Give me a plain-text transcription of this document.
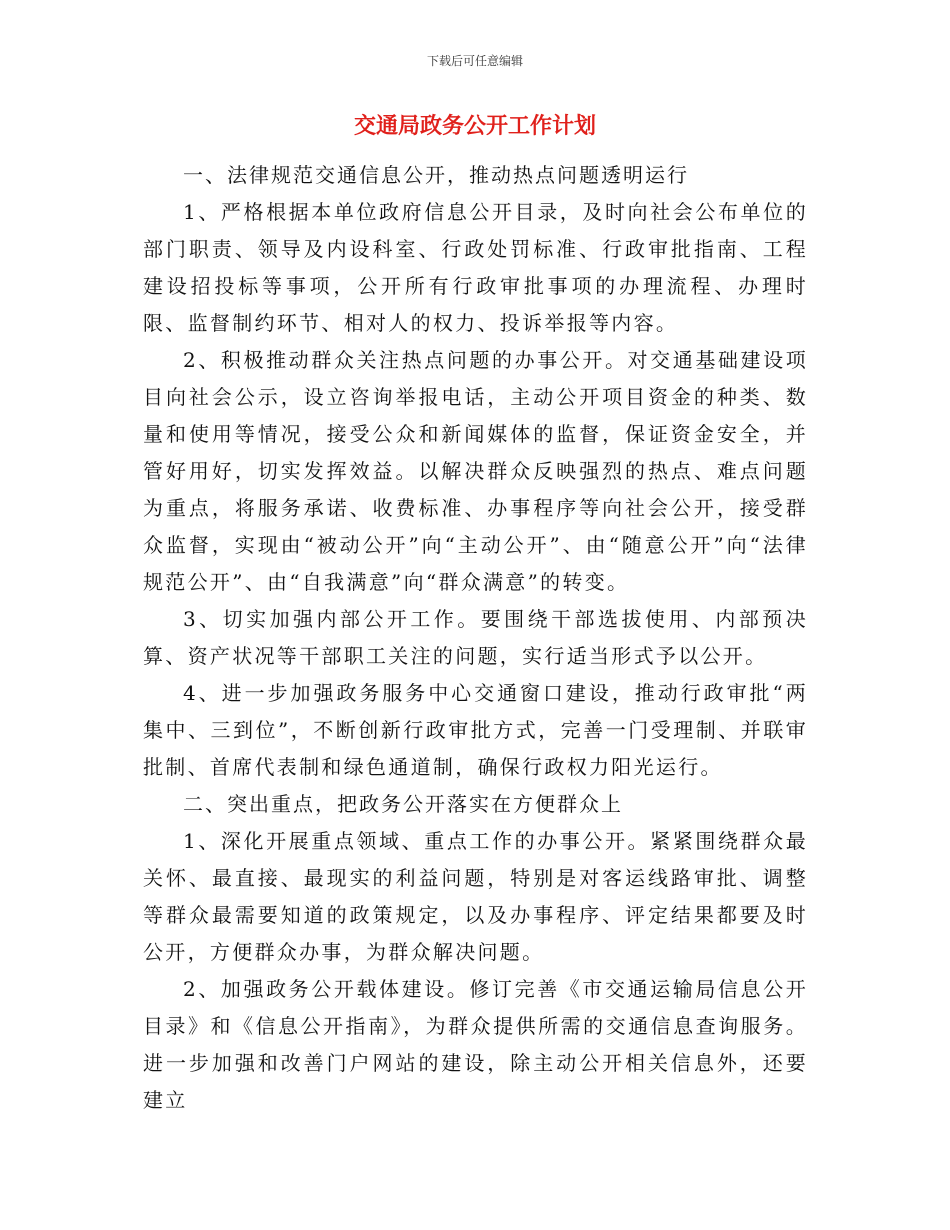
下载后可任意编辑
交通局政务公开工作计划

一、法律规范交通信息公开，推动热点问题透明运行

1、严格根据本单位政府信息公开目录，及时向社会公布单位的部门职责、领导及内设科室、行政处罚标准、行政审批指南、工程建设招投标等事项，公开所有行政审批事项的办理流程、办理时限、监督制约环节、相对人的权力、投诉举报等内容。

2、积极推动群众关注热点问题的办事公开。对交通基础建设项目向社会公示，设立咨询举报电话，主动公开项目资金的种类、数量和使用等情况，接受公众和新闻媒体的监督，保证资金安全，并管好用好，切实发挥效益。以解决群众反映强烈的热点、难点问题为重点，将服务承诺、收费标准、办事程序等向社会公开，接受群众监督，实现由“被动公开”向“主动公开”、由“随意公开”向“法律规范公开”、由“自我满意”向“群众满意”的转变。

3、切实加强内部公开工作。要围绕干部选拔使用、内部预决算、资产状况等干部职工关注的问题，实行适当形式予以公开。

4、进一步加强政务服务中心交通窗口建设，推动行政审批“两集中、三到位”，不断创新行政审批方式，完善一门受理制、并联审批制、首席代表制和绿色通道制，确保行政权力阳光运行。

二、突出重点，把政务公开落实在方便群众上

1、深化开展重点领域、重点工作的办事公开。紧紧围绕群众最关怀、最直接、最现实的利益问题，特别是对客运线路审批、调整等群众最需要知道的政策规定，以及办事程序、评定结果都要及时公开，方便群众办事，为群众解决问题。

2、加强政务公开载体建设。修订完善《市交通运输局信息公开目录》和《信息公开指南》，为群众提供所需的交通信息查询服务。进一步加强和改善门户网站的建设，除主动公开相关信息外，还要建立
